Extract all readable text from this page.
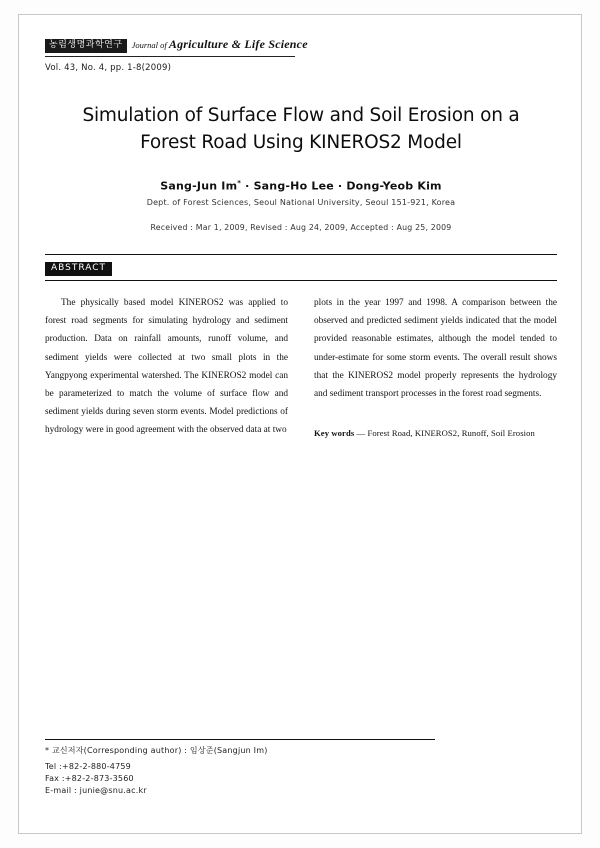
농림생명과학연구	Journal of Agriculture & Life Science
Vol. 43, No. 4, pp. 1-8(2009)
Simulation of Surface Flow and Soil Erosion on a
Forest Road Using KINEROS2 Model
Sang-Jun Im* · Sang-Ho Lee · Dong-Yeob Kim
Dept. of Forest Sciences, Seoul National University, Seoul 151-921, Korea
Received : Mar 1, 2009, Revised : Aug 24, 2009, Accepted : Aug 25, 2009
ABSTRACT

The physically based model KINEROS2 was applied to forest road segments for simulating hydrology and sediment production. Data on rainfall amounts, runoff volume, and sediment yields were collected at two small plots in the Yangpyong experimental watershed. The KINEROS2 model can be parameterized to match the volume of surface flow and sediment yields during seven storm events. Model predictions of hydrology were in good agreement with the observed data at two

plots in the year 1997 and 1998. A comparison between the observed and predicted sediment yields indicated that the model provided reasonable estimates, although the model tended to under-estimate for some storm events. The overall result shows that the KINEROS2 model properly represents the hydrology and sediment transport processes in the forest road segments.

Key words — Forest Road, KINEROS2, Runoff, Soil Erosion
* 교신저자(Corresponding author) : 임상준(Sangjun Im)
Tel :+82-2-880-4759
Fax :+82-2-873-3560
E-mail : junie@snu.ac.kr
